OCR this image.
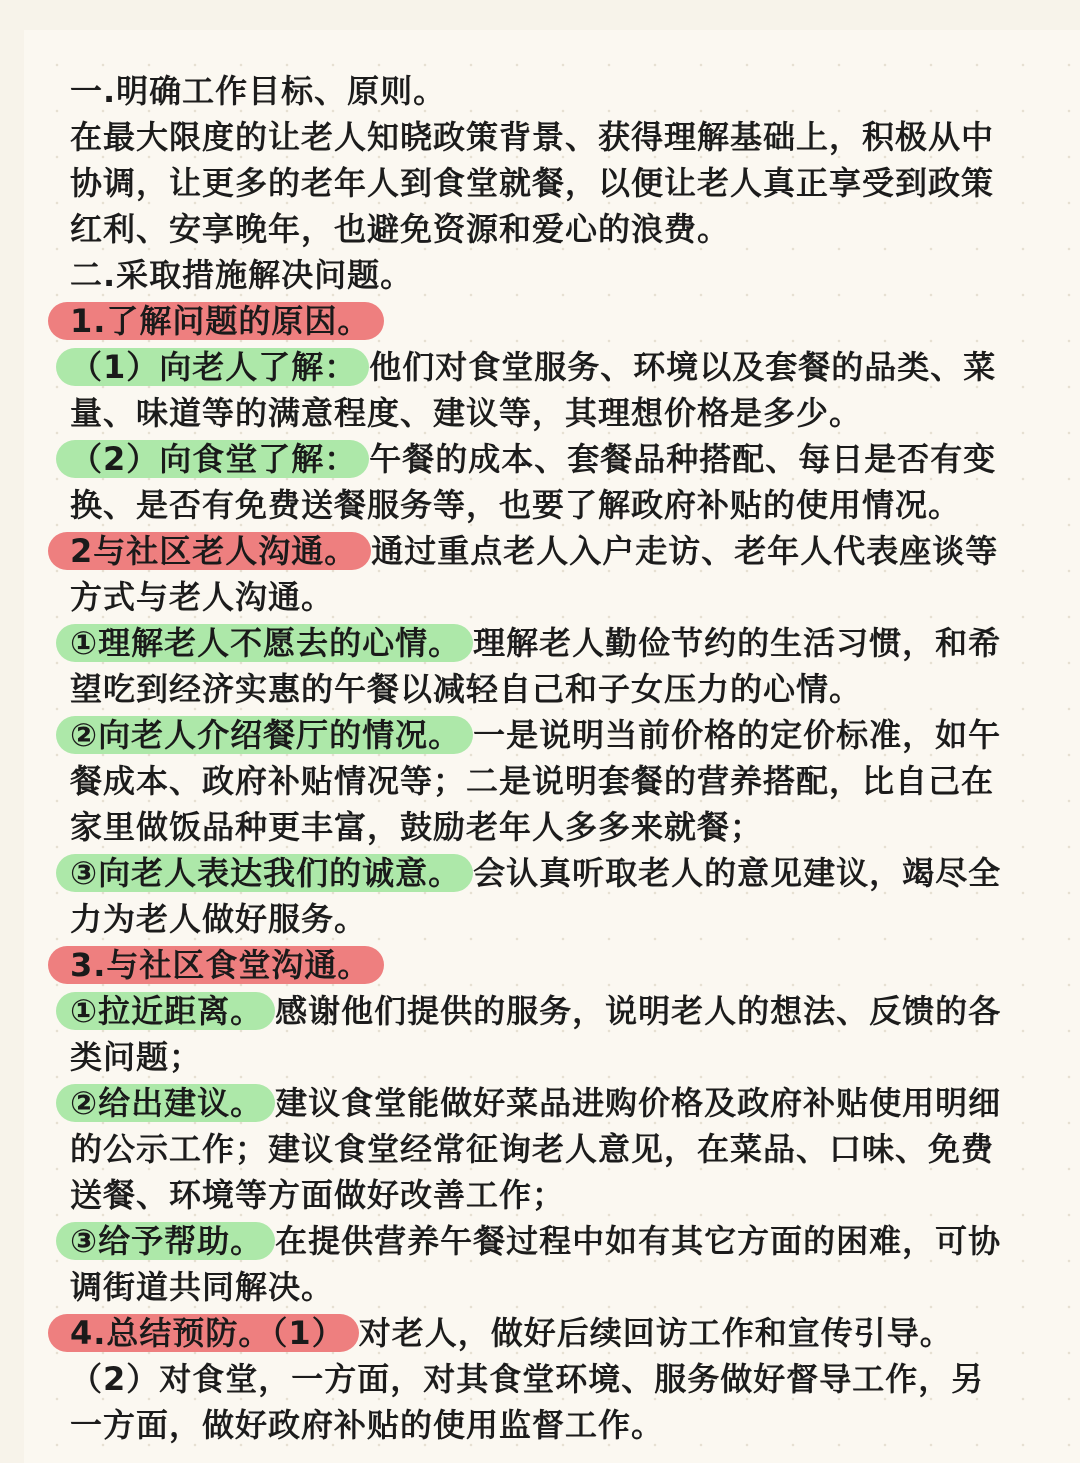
一.明确工作目标、原则。
在最大限度的让老人知晓政策背景、获得理解基础上，积极从中
协调，让更多的老年人到食堂就餐，以便让老人真正享受到政策
红利、安享晚年，也避免资源和爱心的浪费。
二.采取措施解决问题。
1.了解问题的原因。
（1）向老人了解： 他们对食堂服务、环境以及套餐的品类、菜
量、味道等的满意程度、建议等，其理想价格是多少。
（2）向食堂了解： 午餐的成本、套餐品种搭配、每日是否有变
换、是否有免费送餐服务等，也要了解政府补贴的使用情况。
2与社区老人沟通。 通过重点老人入户走访、老年人代表座谈等
方式与老人沟通。
①理解老人不愿去的心情。 理解老人勤俭节约的生活习惯，和希
望吃到经济实惠的午餐以减轻自己和子女压力的心情。
②向老人介绍餐厅的情况。 一是说明当前价格的定价标准，如午
餐成本、政府补贴情况等；二是说明套餐的营养搭配，比自己在
家里做饭品种更丰富，鼓励老年人多多来就餐；
③向老人表达我们的诚意。 会认真听取老人的意见建议，竭尽全
力为老人做好服务。
3.与社区食堂沟通。
①拉近距离。 感谢他们提供的服务，说明老人的想法、反馈的各
类问题；
②给出建议。 建议食堂能做好菜品进购价格及政府补贴使用明细
的公示工作；建议食堂经常征询老人意见，在菜品、口味、免费
送餐、环境等方面做好改善工作；
③给予帮助。 在提供营养午餐过程中如有其它方面的困难，可协
调街道共同解决。
4.总结预防。（1） 对老人，做好后续回访工作和宣传引导。
（2）对食堂，一方面，对其食堂环境、服务做好督导工作，另
一方面，做好政府补贴的使用监督工作。
